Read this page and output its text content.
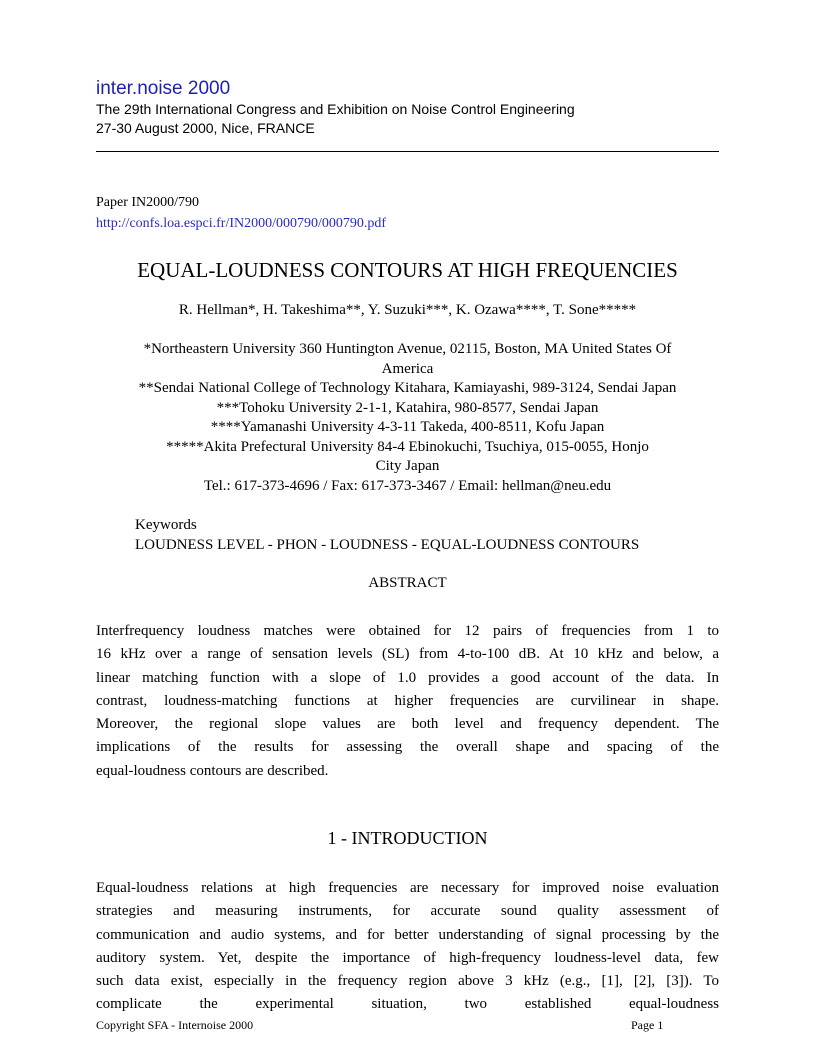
inter.noise 2000
The 29th International Congress and Exhibition on Noise Control Engineering
27-30 August 2000, Nice, FRANCE
Paper IN2000/790
http://confs.loa.espci.fr/IN2000/000790/000790.pdf
EQUAL-LOUDNESS CONTOURS AT HIGH FREQUENCIES
R. Hellman*, H. Takeshima**, Y. Suzuki***, K. Ozawa****, T. Sone*****
*Northeastern University 360 Huntington Avenue, 02115, Boston, MA United States Of
America
**Sendai National College of Technology Kitahara, Kamiayashi, 989-3124, Sendai Japan
***Tohoku University 2-1-1, Katahira, 980-8577, Sendai Japan
****Yamanashi University 4-3-11 Takeda, 400-8511, Kofu Japan
*****Akita Prefectural University 84-4 Ebinokuchi, Tsuchiya, 015-0055, Honjo
City Japan
Tel.: 617-373-4696 / Fax: 617-373-3467 / Email: hellman@neu.edu
Keywords
LOUDNESS LEVEL - PHON - LOUDNESS - EQUAL-LOUDNESS CONTOURS
ABSTRACT
Interfrequency loudness matches were obtained for 12 pairs of frequencies from 1 to
16 kHz over a range of sensation levels (SL) from 4-to-100 dB. At 10 kHz and below, a
linear matching function with a slope of 1.0 provides a good account of the data. In
contrast, loudness-matching functions at higher frequencies are curvilinear in shape.
Moreover, the regional slope values are both level and frequency dependent. The
implications of the results for assessing the overall shape and spacing of the
equal-loudness contours are described.
1 - INTRODUCTION
Equal-loudness relations at high frequencies are necessary for improved noise evaluation
strategies and measuring instruments, for accurate sound quality assessment of
communication and audio systems, and for better understanding of signal processing by the
auditory system. Yet, despite the importance of high-frequency loudness-level data, few
such data exist, especially in the frequency region above 3 kHz (e.g., [1], [2], [3]). To
complicate the experimental situation, two established equal-loudness
Copyright SFA - Internoise 2000	Page 1
